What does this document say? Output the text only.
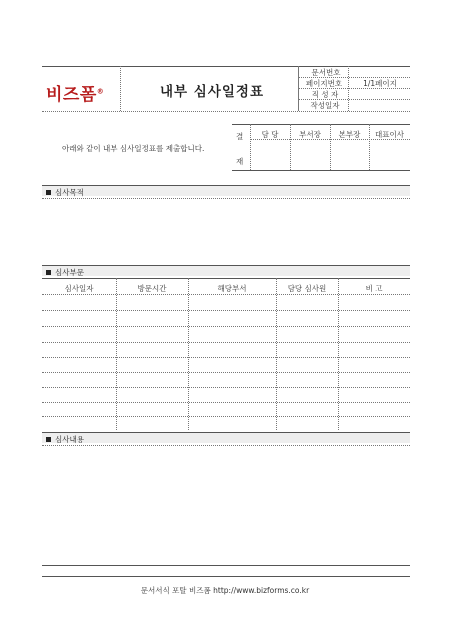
비즈폼®	내부 심사일정표
문서번호
페이지번호	1/1페이지
직 성 자
작성일자
아래와 같이 내부 심사일정표를 제출합니다.
결
재
담 당	부서장	본부장	대표이사
심사목적
심사부문
심사일자	방문시간	해당부서	담당 심사원	비 고
심사내용
문서서식 포탈 비즈폼 http://www.bizforms.co.kr
